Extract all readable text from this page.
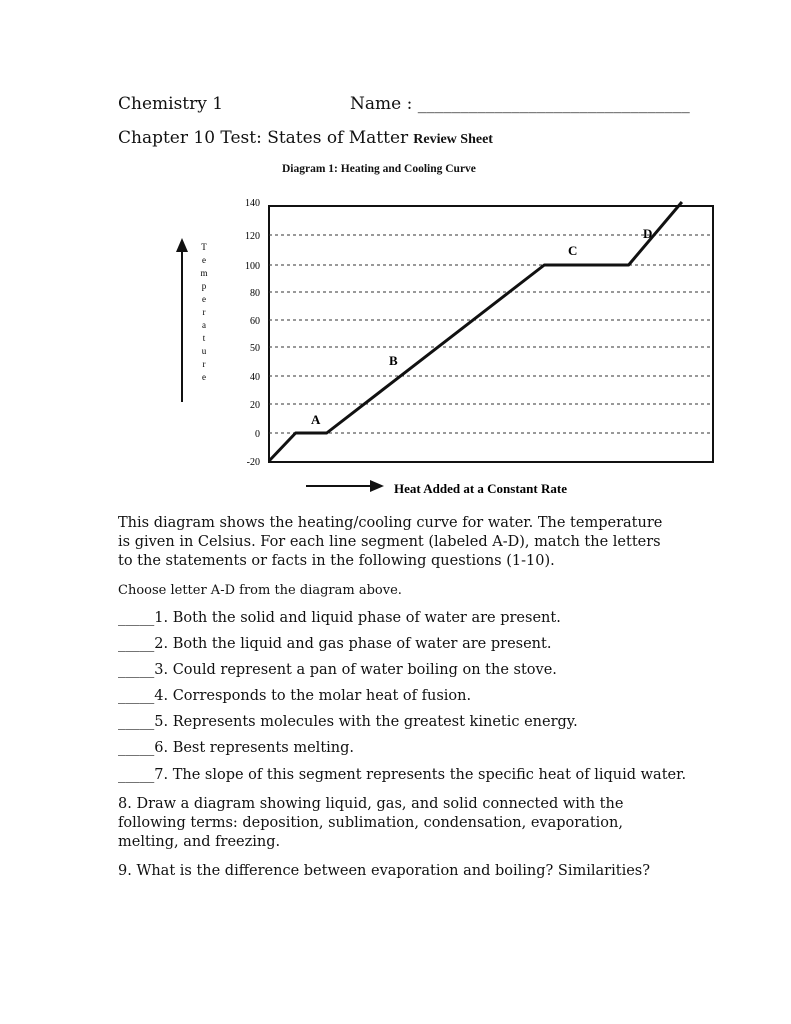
Chemistry 1	Name : ________________________________
Chapter 10 Test: States of Matter Review Sheet
Diagram 1: Heating and Cooling Curve
T
e
m
p
e
r
a
t
u
r
e
140
120
100
80
60
50
40
20
0
-20
A
B
C
D
Heat Added at a Constant Rate
This diagram shows the heating/cooling curve for water. The temperature is given in Celsius. For each line segment (labeled A-D), match the letters to the statements or facts in the following questions (1-10).
Choose letter A-D from the diagram above.
_____1. Both the solid and liquid phase of water are present.
_____2. Both the liquid and gas phase of water are present.
_____3. Could represent a pan of water boiling on the stove.
_____4. Corresponds to the molar heat of fusion.
_____5. Represents molecules with the greatest kinetic energy.
_____6. Best represents melting.
_____7. The slope of this segment represents the specific heat of liquid water.
8. Draw a diagram showing liquid, gas, and solid connected with the following terms: deposition, sublimation, condensation, evaporation, melting, and freezing.
9. What is the difference between evaporation and boiling? Similarities?
